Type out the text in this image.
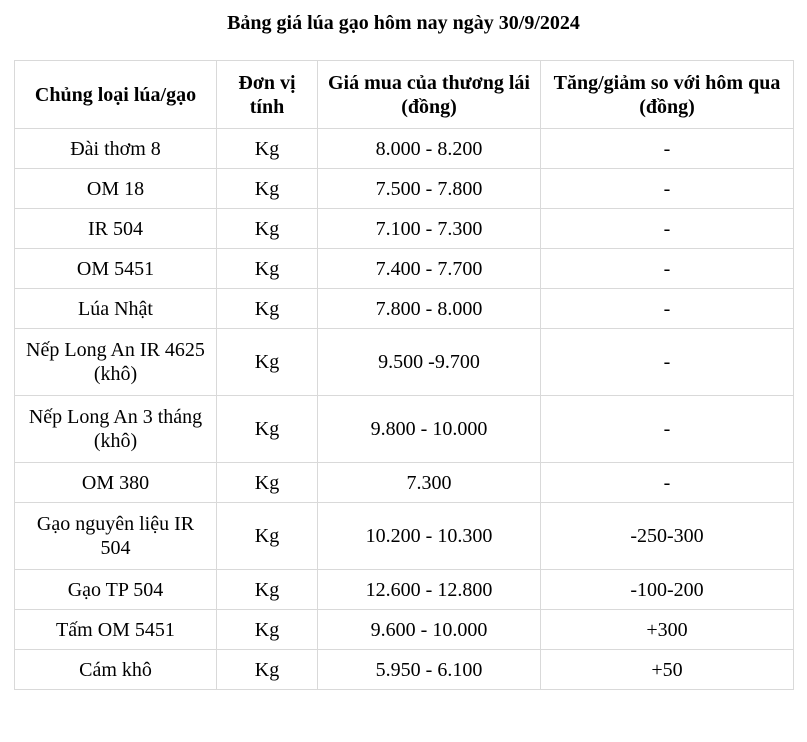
Bảng giá lúa gạo hôm nay ngày 30/9/2024
Chủng loại lúa/gạo	Đơn vị tính	Giá mua của thương lái (đồng)	Tăng/giảm so với hôm qua (đồng)
Đài thơm 8	Kg	8.000 - 8.200	-
OM 18	Kg	7.500 - 7.800	-
IR 504	Kg	7.100 - 7.300	-
OM 5451	Kg	7.400 - 7.700	-
Lúa Nhật	Kg	7.800 - 8.000	-
Nếp Long An IR 4625 (khô)	Kg	9.500 -9.700	-
Nếp Long An 3 tháng (khô)	Kg	9.800 - 10.000	-
OM 380	Kg	7.300	-
Gạo nguyên liệu IR 504	Kg	10.200 - 10.300	-250-300
Gạo TP 504	Kg	12.600 - 12.800	-100-200
Tấm OM 5451	Kg	9.600 - 10.000	+300
Cám khô	Kg	5.950 - 6.100	+50
